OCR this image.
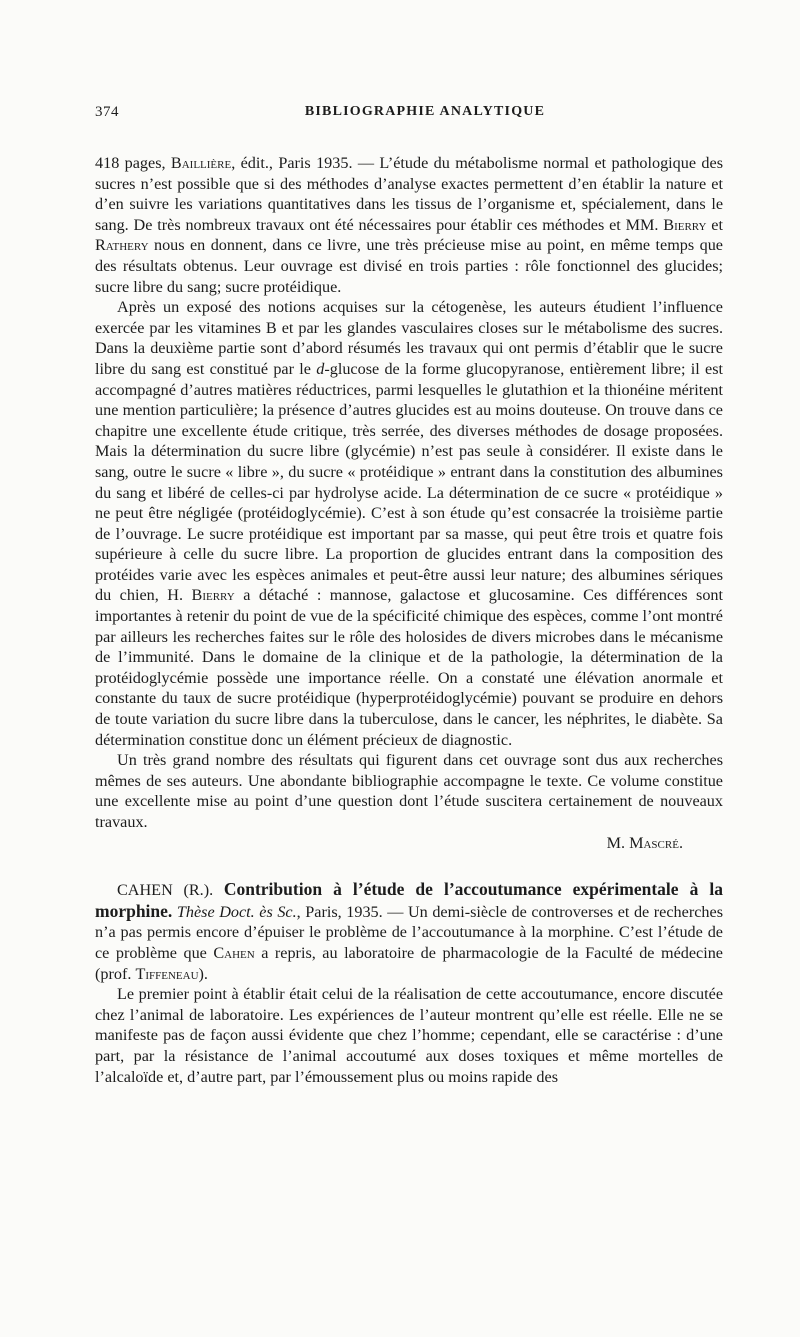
374	BIBLIOGRAPHIE ANALYTIQUE

418 pages, Baillière, édit., Paris 1935. — L’étude du métabolisme normal et pathologique des sucres n’est possible que si des méthodes d’analyse exactes permettent d’en établir la nature et d’en suivre les variations quantitatives dans les tissus de l’organisme et, spécialement, dans le sang. De très nombreux travaux ont été nécessaires pour établir ces méthodes et MM. Bierry et Rathery nous en donnent, dans ce livre, une très précieuse mise au point, en même temps que des résultats obtenus. Leur ouvrage est divisé en trois parties : rôle fonctionnel des glucides; sucre libre du sang; sucre protéidique.

Après un exposé des notions acquises sur la cétogenèse, les auteurs étudient l’influence exercée par les vitamines B et par les glandes vasculaires closes sur le métabolisme des sucres. Dans la deuxième partie sont d’abord résumés les travaux qui ont permis d’établir que le sucre libre du sang est constitué par le d-glucose de la forme glucopyranose, entièrement libre; il est accompagné d’autres matières réductrices, parmi lesquelles le glutathion et la thionéine méritent une mention particulière; la présence d’autres glucides est au moins douteuse. On trouve dans ce chapitre une excellente étude critique, très serrée, des diverses méthodes de dosage proposées. Mais la détermination du sucre libre (glycémie) n’est pas seule à considérer. Il existe dans le sang, outre le sucre « libre », du sucre « protéidique » entrant dans la constitution des albumines du sang et libéré de celles-ci par hydrolyse acide. La détermination de ce sucre « protéidique » ne peut être négligée (protéidoglycémie). C’est à son étude qu’est consacrée la troisième partie de l’ouvrage. Le sucre protéidique est important par sa masse, qui peut être trois et quatre fois supérieure à celle du sucre libre. La proportion de glucides entrant dans la composition des protéides varie avec les espèces animales et peut-être aussi leur nature; des albumines sériques du chien, H. Bierry a détaché : mannose, galactose et glucosamine. Ces différences sont importantes à retenir du point de vue de la spécificité chimique des espèces, comme l’ont montré par ailleurs les recherches faites sur le rôle des holosides de divers microbes dans le mécanisme de l’immunité. Dans le domaine de la clinique et de la pathologie, la détermination de la protéidoglycémie possède une importance réelle. On a constaté une élévation anormale et constante du taux de sucre protéidique (hyperprotéidoglycémie) pouvant se produire en dehors de toute variation du sucre libre dans la tuberculose, dans le cancer, les néphrites, le diabète. Sa détermination constitue donc un élément précieux de diagnostic.

Un très grand nombre des résultats qui figurent dans cet ouvrage sont dus aux recherches mêmes de ses auteurs. Une abondante bibliographie accompagne le texte. Ce volume constitue une excellente mise au point d’une question dont l’étude suscitera certainement de nouveaux travaux.

M. Mascré.

CAHEN (R.). Contribution à l’étude de l’accoutumance expérimentale à la morphine. Thèse Doct. ès Sc., Paris, 1935. — Un demi-siècle de controverses et de recherches n’a pas permis encore d’épuiser le problème de l’accoutumance à la morphine. C’est l’étude de ce problème que Cahen a repris, au laboratoire de pharmacologie de la Faculté de médecine (prof. Tiffeneau).

Le premier point à établir était celui de la réalisation de cette accoutumance, encore discutée chez l’animal de laboratoire. Les expériences de l’auteur montrent qu’elle est réelle. Elle ne se manifeste pas de façon aussi évidente que chez l’homme; cependant, elle se caractérise : d’une part, par la résistance de l’animal accoutumé aux doses toxiques et même mortelles de l’alcaloïde et, d’autre part, par l’émoussement plus ou moins rapide des
